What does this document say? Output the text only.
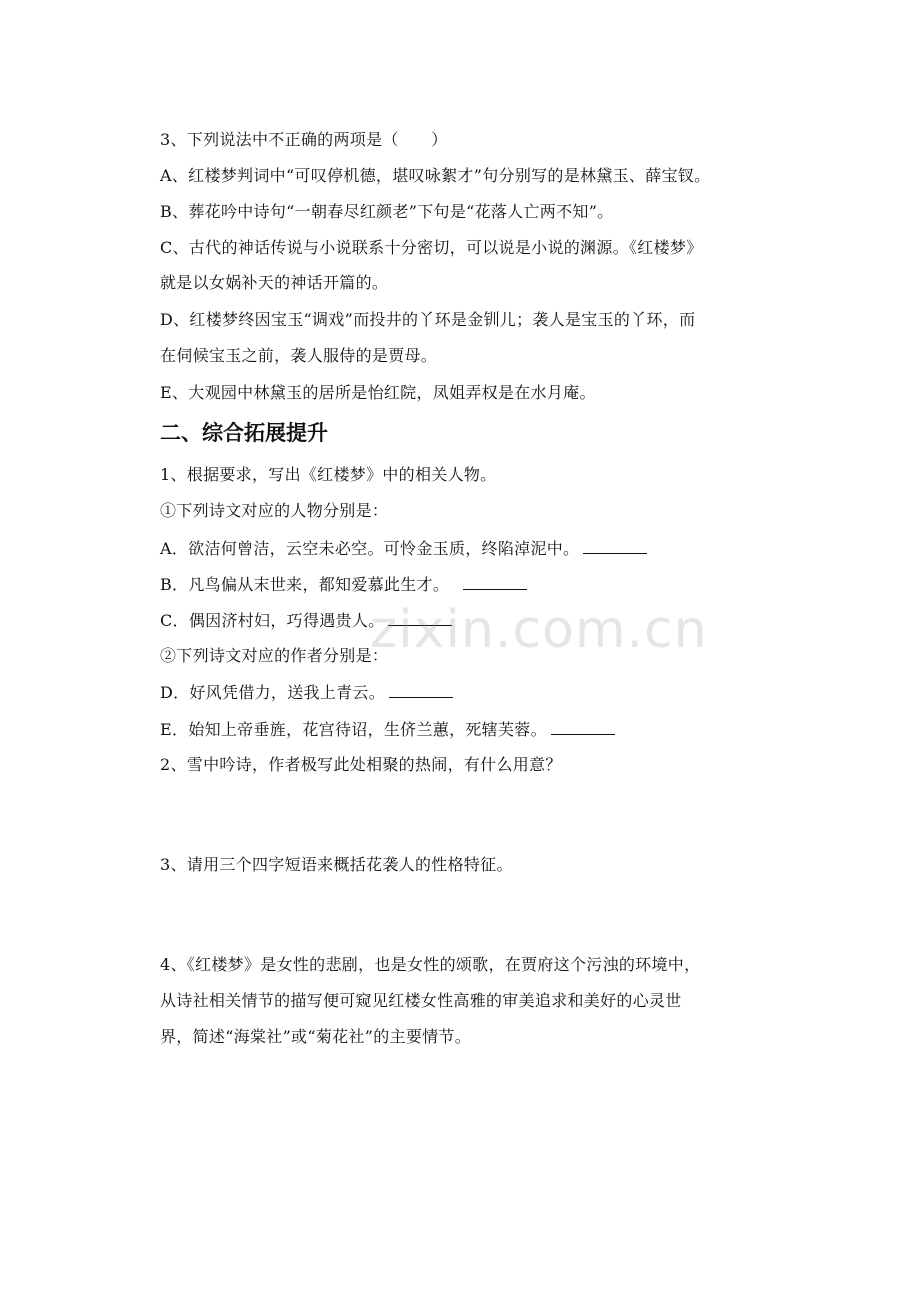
3、下列说法中不正确的两项是（　　）
A、红楼梦判词中“可叹停机德，堪叹咏絮才”句分别写的是林黛玉、薛宝钗。
B、葬花吟中诗句“一朝春尽红颜老”下句是“花落人亡两不知”。
C、古代的神话传说与小说联系十分密切，可以说是小说的渊源。《红楼梦》
就是以女娲补天的神话开篇的。
D、红楼梦终因宝玉“调戏”而投井的丫环是金钏儿；袭人是宝玉的丫环，而
在伺候宝玉之前，袭人服侍的是贾母。
E、大观园中林黛玉的居所是怡红院，凤姐弄权是在水月庵。
二、综合拓展提升
1、根据要求，写出《红楼梦》中的相关人物。
①下列诗文对应的人物分别是：
A．欲洁何曾洁，云空未必空。可怜金玉质，终陷淖泥中。
B．凡鸟偏从末世来，都知爱慕此生才。
C．偶因济村妇，巧得遇贵人。
②下列诗文对应的作者分别是：
D．好风凭借力，送我上青云。
E．始知上帝垂旌，花宫待诏，生侪兰蕙，死辖芙蓉。
2、雪中吟诗，作者极写此处相聚的热闹，有什么用意？
3、请用三个四字短语来概括花袭人的性格特征。
4、《红楼梦》是女性的悲剧，也是女性的颂歌，在贾府这个污浊的环境中，
从诗社相关情节的描写便可窥见红楼女性高雅的审美追求和美好的心灵世
界，简述“海棠社”或“菊花社”的主要情节。
zixin.com.cn
